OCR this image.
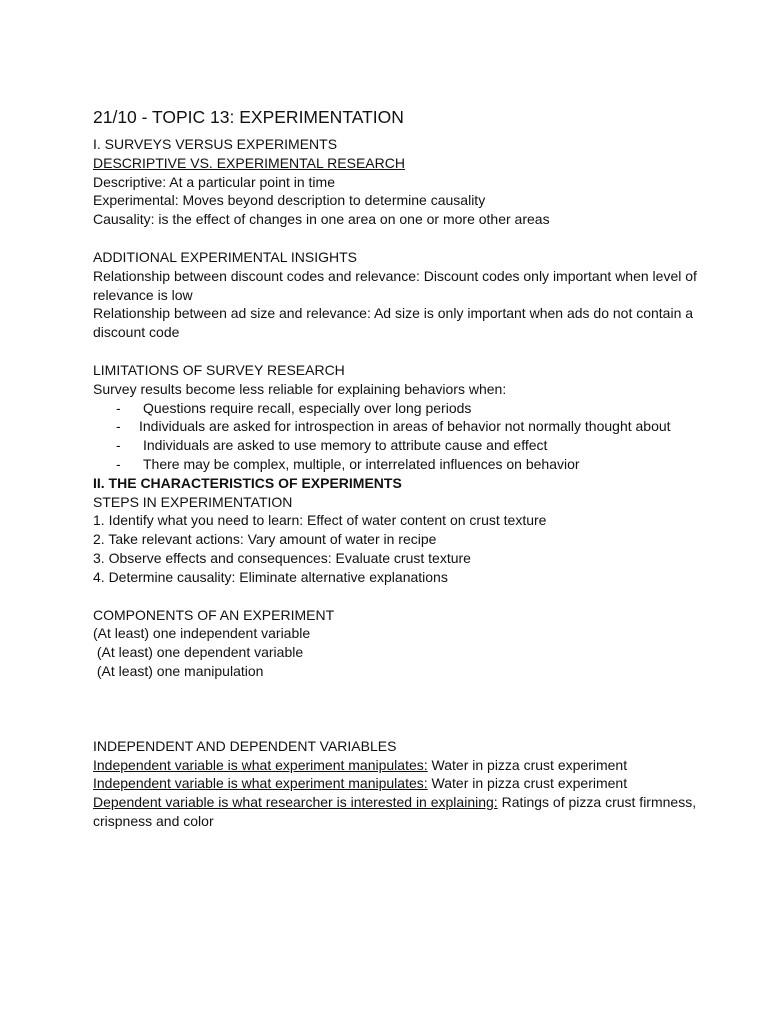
21/10 - TOPIC 13: EXPERIMENTATION

I. SURVEYS VERSUS EXPERIMENTS

DESCRIPTIVE VS. EXPERIMENTAL RESEARCH

Descriptive: At a particular point in time

Experimental: Moves beyond description to determine causality

Causality: is the effect of changes in one area on one or more other areas

ADDITIONAL EXPERIMENTAL INSIGHTS

Relationship between discount codes and relevance: Discount codes only important when level of relevance is low

Relationship between ad size and relevance: Ad size is only important when ads do not contain a discount code

LIMITATIONS OF SURVEY RESEARCH

Survey results become less reliable for explaining behaviors when:

- Questions require recall, especially over long periods
- Individuals are asked for introspection in areas of behavior not normally thought about
- Individuals are asked to use memory to attribute cause and effect
- There may be complex, multiple, or interrelated influences on behavior

II. THE CHARACTERISTICS OF EXPERIMENTS

STEPS IN EXPERIMENTATION

1. Identify what you need to learn: Effect of water content on crust texture

2. Take relevant actions: Vary amount of water in recipe

3. Observe effects and consequences: Evaluate crust texture

4. Determine causality: Eliminate alternative explanations

COMPONENTS OF AN EXPERIMENT

(At least) one independent variable

(At least) one dependent variable

(At least) one manipulation

INDEPENDENT AND DEPENDENT VARIABLES

Independent variable is what experiment manipulates: Water in pizza crust experiment

Independent variable is what experiment manipulates: Water in pizza crust experiment

Dependent variable is what researcher is interested in explaining: Ratings of pizza crust firmness, crispness and color
